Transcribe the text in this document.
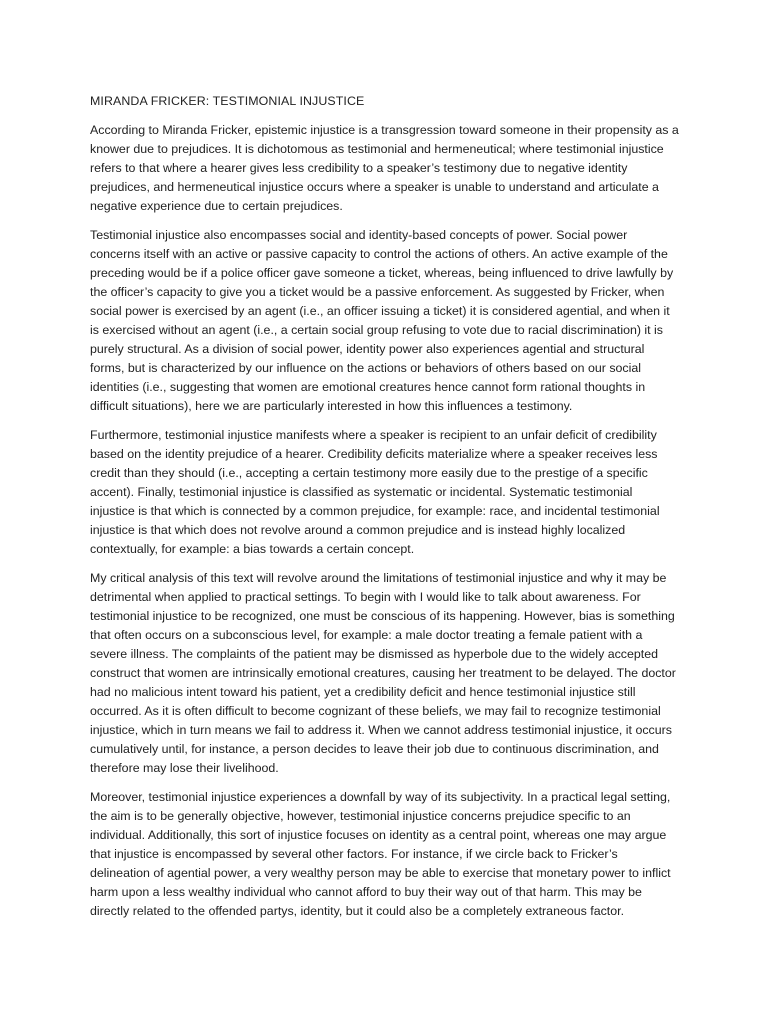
MIRANDA FRICKER: TESTIMONIAL INJUSTICE

According to Miranda Fricker, epistemic injustice is a transgression toward someone in their propensity as a knower due to prejudices. It is dichotomous as testimonial and hermeneutical; where testimonial injustice refers to that where a hearer gives less credibility to a speaker’s testimony due to negative identity prejudices, and hermeneutical injustice occurs where a speaker is unable to understand and articulate a negative experience due to certain prejudices.

Testimonial injustice also encompasses social and identity-based concepts of power. Social power concerns itself with an active or passive capacity to control the actions of others. An active example of the preceding would be if a police officer gave someone a ticket, whereas, being influenced to drive lawfully by the officer’s capacity to give you a ticket would be a passive enforcement. As suggested by Fricker, when social power is exercised by an agent (i.e., an officer issuing a ticket) it is considered agential, and when it is exercised without an agent (i.e., a certain social group refusing to vote due to racial discrimination) it is purely structural. As a division of social power, identity power also experiences agential and structural forms, but is characterized by our influence on the actions or behaviors of others based on our social identities (i.e., suggesting that women are emotional creatures hence cannot form rational thoughts in difficult situations), here we are particularly interested in how this influences a testimony.

Furthermore, testimonial injustice manifests where a speaker is recipient to an unfair deficit of credibility based on the identity prejudice of a hearer. Credibility deficits materialize where a speaker receives less credit than they should (i.e., accepting a certain testimony more easily due to the prestige of a specific accent). Finally, testimonial injustice is classified as systematic or incidental. Systematic testimonial injustice is that which is connected by a common prejudice, for example: race, and incidental testimonial injustice is that which does not revolve around a common prejudice and is instead highly localized contextually, for example: a bias towards a certain concept.

My critical analysis of this text will revolve around the limitations of testimonial injustice and why it may be detrimental when applied to practical settings. To begin with I would like to talk about awareness. For testimonial injustice to be recognized, one must be conscious of its happening. However, bias is something that often occurs on a subconscious level, for example: a male doctor treating a female patient with a severe illness. The complaints of the patient may be dismissed as hyperbole due to the widely accepted construct that women are intrinsically emotional creatures, causing her treatment to be delayed. The doctor had no malicious intent toward his patient, yet a credibility deficit and hence testimonial injustice still occurred. As it is often difficult to become cognizant of these beliefs, we may fail to recognize testimonial injustice, which in turn means we fail to address it. When we cannot address testimonial injustice, it occurs cumulatively until, for instance, a person decides to leave their job due to continuous discrimination, and therefore may lose their livelihood.

Moreover, testimonial injustice experiences a downfall by way of its subjectivity. In a practical legal setting, the aim is to be generally objective, however, testimonial injustice concerns prejudice specific to an individual. Additionally, this sort of injustice focuses on identity as a central point, whereas one may argue that injustice is encompassed by several other factors. For instance, if we circle back to Fricker’s delineation of agential power, a very wealthy person may be able to exercise that monetary power to inflict harm upon a less wealthy individual who cannot afford to buy their way out of that harm. This may be directly related to the offended partys, identity, but it could also be a completely extraneous factor.
